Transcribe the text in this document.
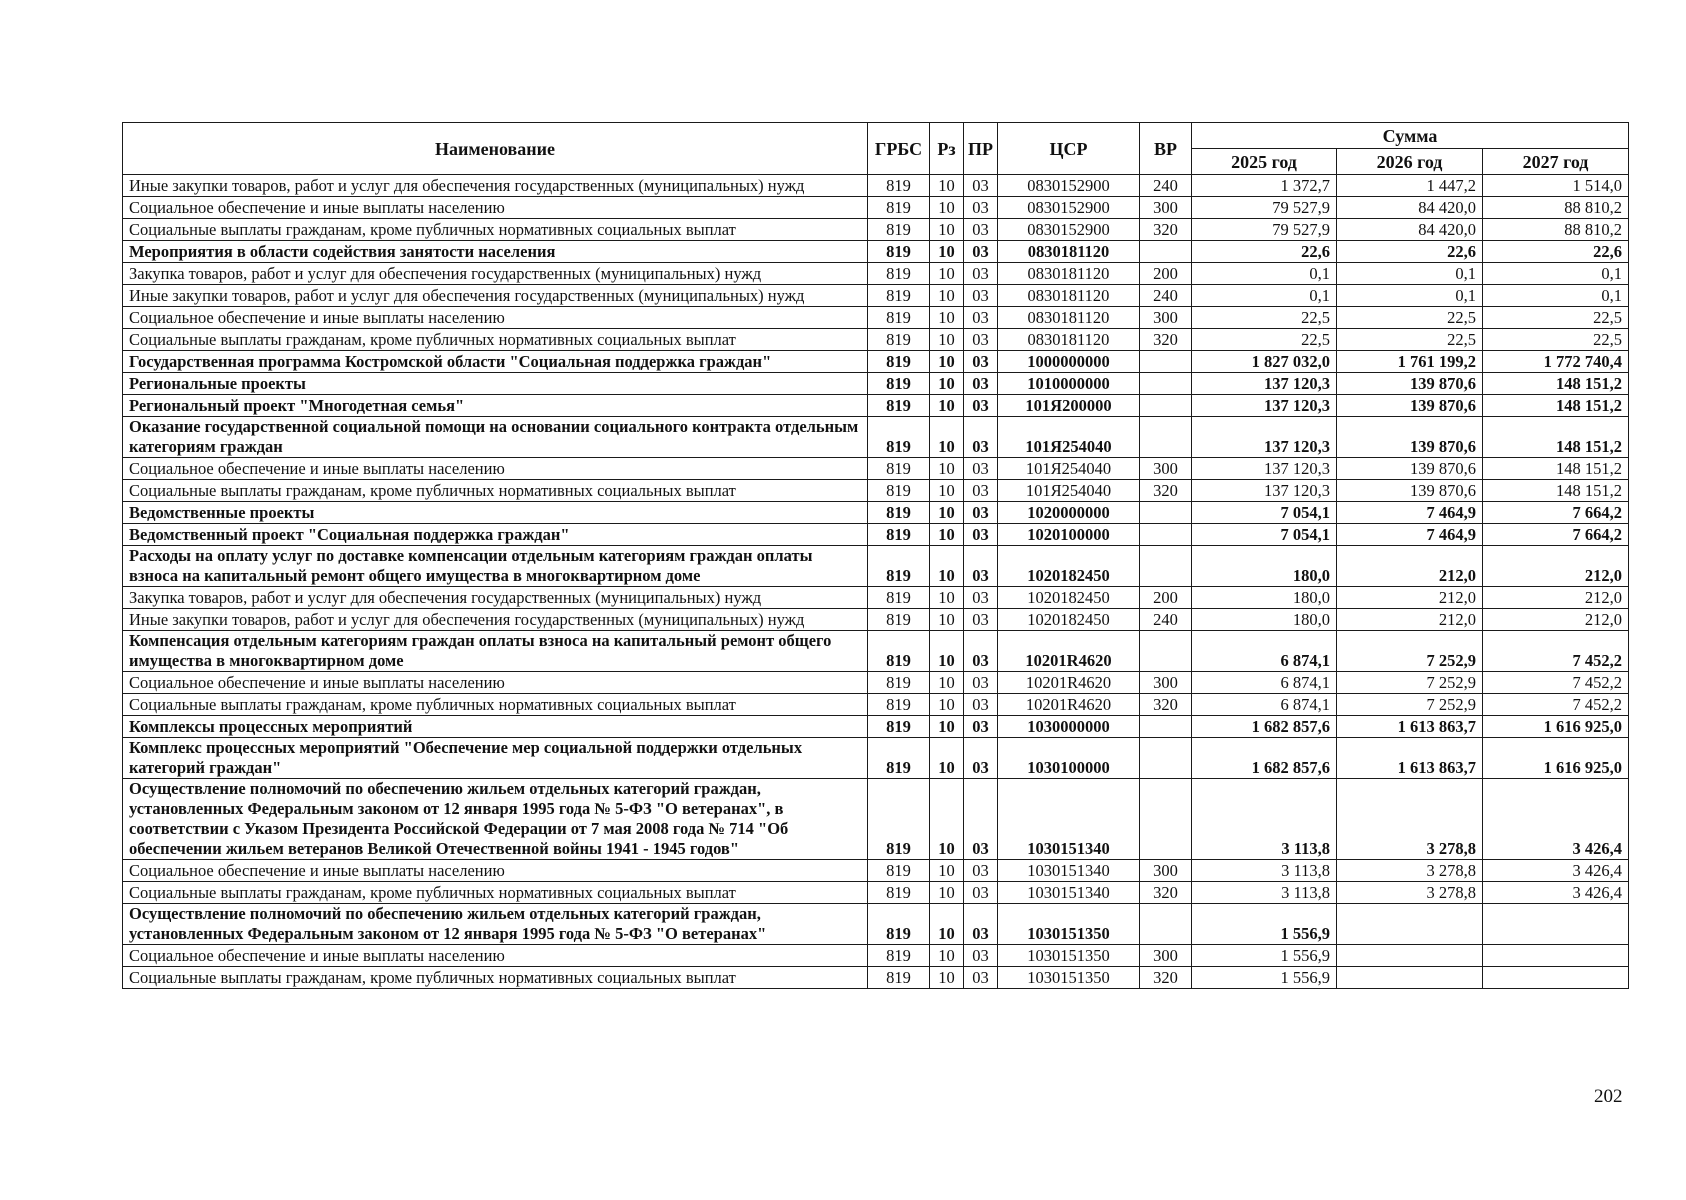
Наименование	ГРБС	Рз	ПР	ЦСР	ВР	Сумма		
						2025 год	2026 год	2027 год
Иные закупки товаров, работ и услуг для обеспечения государственных (муниципальных) нужд	819	10	03	0830152900	240	1 372,7	1 447,2	1 514,0
Социальное обеспечение и иные выплаты населению	819	10	03	0830152900	300	79 527,9	84 420,0	88 810,2
Социальные выплаты гражданам, кроме публичных нормативных социальных выплат	819	10	03	0830152900	320	79 527,9	84 420,0	88 810,2
Мероприятия в области содействия занятости населения	819	10	03	0830181120		22,6	22,6	22,6
Закупка товаров, работ и услуг для обеспечения государственных (муниципальных) нужд	819	10	03	0830181120	200	0,1	0,1	0,1
Иные закупки товаров, работ и услуг для обеспечения государственных (муниципальных) нужд	819	10	03	0830181120	240	0,1	0,1	0,1
Социальное обеспечение и иные выплаты населению	819	10	03	0830181120	300	22,5	22,5	22,5
Социальные выплаты гражданам, кроме публичных нормативных социальных выплат	819	10	03	0830181120	320	22,5	22,5	22,5
Государственная программа Костромской области "Социальная поддержка граждан"	819	10	03	1000000000		1 827 032,0	1 761 199,2	1 772 740,4
Региональные проекты	819	10	03	1010000000		137 120,3	139 870,6	148 151,2
Региональный проект "Многодетная семья"	819	10	03	101Я200000		137 120,3	139 870,6	148 151,2
Оказание государственной социальной помощи на основании социального контракта отдельным категориям граждан	819	10	03	101Я254040		137 120,3	139 870,6	148 151,2
Социальное обеспечение и иные выплаты населению	819	10	03	101Я254040	300	137 120,3	139 870,6	148 151,2
Социальные выплаты гражданам, кроме публичных нормативных социальных выплат	819	10	03	101Я254040	320	137 120,3	139 870,6	148 151,2
Ведомственные проекты	819	10	03	1020000000		7 054,1	7 464,9	7 664,2
Ведомственный проект "Социальная поддержка граждан"	819	10	03	1020100000		7 054,1	7 464,9	7 664,2
Расходы на оплату услуг по доставке компенсации отдельным категориям граждан оплаты взноса на капитальный ремонт общего имущества в многоквартирном доме	819	10	03	1020182450		180,0	212,0	212,0
Закупка товаров, работ и услуг для обеспечения государственных (муниципальных) нужд	819	10	03	1020182450	200	180,0	212,0	212,0
Иные закупки товаров, работ и услуг для обеспечения государственных (муниципальных) нужд	819	10	03	1020182450	240	180,0	212,0	212,0
Компенсация отдельным категориям граждан оплаты взноса на капитальный ремонт общего имущества в многоквартирном доме	819	10	03	10201R4620		6 874,1	7 252,9	7 452,2
Социальное обеспечение и иные выплаты населению	819	10	03	10201R4620	300	6 874,1	7 252,9	7 452,2
Социальные выплаты гражданам, кроме публичных нормативных социальных выплат	819	10	03	10201R4620	320	6 874,1	7 252,9	7 452,2
Комплексы процессных мероприятий	819	10	03	1030000000		1 682 857,6	1 613 863,7	1 616 925,0
Комплекс процессных мероприятий "Обеспечение мер социальной поддержки отдельных категорий граждан"	819	10	03	1030100000		1 682 857,6	1 613 863,7	1 616 925,0
Осуществление полномочий по обеспечению жильем отдельных категорий граждан, установленных Федеральным законом от 12 января 1995 года № 5-ФЗ "О ветеранах", в соответствии с Указом Президента Российской Федерации от 7 мая 2008 года № 714 "Об обеспечении жильем ветеранов Великой Отечественной войны 1941 - 1945 годов"	819	10	03	1030151340		3 113,8	3 278,8	3 426,4
Социальное обеспечение и иные выплаты населению	819	10	03	1030151340	300	3 113,8	3 278,8	3 426,4
Социальные выплаты гражданам, кроме публичных нормативных социальных выплат	819	10	03	1030151340	320	3 113,8	3 278,8	3 426,4
Осуществление полномочий по обеспечению жильем отдельных категорий граждан, установленных Федеральным законом от 12 января 1995 года № 5-ФЗ "О ветеранах"	819	10	03	1030151350		1 556,9		
Социальное обеспечение и иные выплаты населению	819	10	03	1030151350	300	1 556,9		
Социальные выплаты гражданам, кроме публичных нормативных социальных выплат	819	10	03	1030151350	320	1 556,9		
202
